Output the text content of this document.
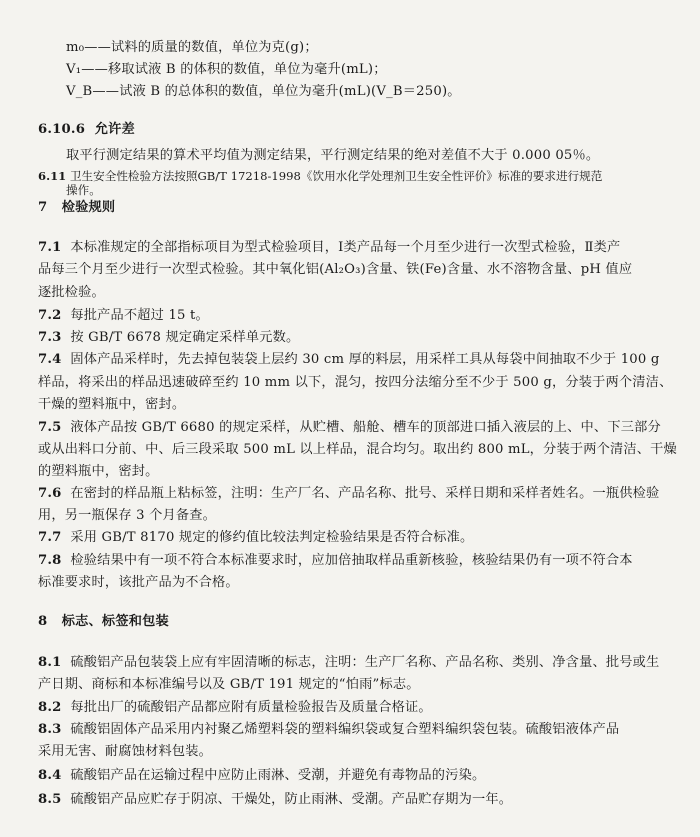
m₀——试料的质量的数值，单位为克(g)；
V₁——移取试液 B 的体积的数值，单位为毫升(mL)；
V_B——试液 B 的总体积的数值，单位为毫升(mL)(V_B＝250)。
6.10.6 允许差
取平行测定结果的算术平均值为测定结果，平行测定结果的绝对差值不大于 0.000 05％。
6.11 卫生安全性检验方法按照GB/T 17218-1998《饮用水化学处理剂卫生安全性评价》标准的要求进行规范
操作。
7 检验规则
7.1 本标准规定的全部指标项目为型式检验项目，Ⅰ类产品每一个月至少进行一次型式检验，Ⅱ类产
品每三个月至少进行一次型式检验。其中氧化铝(Al₂O₃)含量、铁(Fe)含量、水不溶物含量、pH 值应
逐批检验。
7.2 每批产品不超过 15 t。
7.3 按 GB/T 6678 规定确定采样单元数。
7.4 固体产品采样时，先去掉包装袋上层约 30 cm 厚的料层，用采样工具从每袋中间抽取不少于 100 g
样品，将采出的样品迅速破碎至约 10 mm 以下，混匀，按四分法缩分至不少于 500 g，分装于两个清洁、
干燥的塑料瓶中，密封。
7.5 液体产品按 GB/T 6680 的规定采样，从贮槽、船舱、槽车的顶部进口插入液层的上、中、下三部分
或从出料口分前、中、后三段采取 500 mL 以上样品，混合均匀。取出约 800 mL，分装于两个清洁、干燥
的塑料瓶中，密封。
7.6 在密封的样品瓶上粘标签，注明：生产厂名、产品名称、批号、采样日期和采样者姓名。一瓶供检验
用，另一瓶保存 3 个月备查。
7.7 采用 GB/T 8170 规定的修约值比较法判定检验结果是否符合标准。
7.8 检验结果中有一项不符合本标准要求时，应加倍抽取样品重新核验，核验结果仍有一项不符合本
标准要求时，该批产品为不合格。
8 标志、标签和包装
8.1 硫酸铝产品包装袋上应有牢固清晰的标志，注明：生产厂名称、产品名称、类别、净含量、批号或生
产日期、商标和本标准编号以及 GB/T 191 规定的“怕雨”标志。
8.2 每批出厂的硫酸铝产品都应附有质量检验报告及质量合格证。
8.3 硫酸铝固体产品采用内衬聚乙烯塑料袋的塑料编织袋或复合塑料编织袋包装。硫酸铝液体产品
采用无害、耐腐蚀材料包装。
8.4 硫酸铝产品在运输过程中应防止雨淋、受潮，并避免有毒物品的污染。
8.5 硫酸铝产品应贮存于阴凉、干燥处，防止雨淋、受潮。产品贮存期为一年。
